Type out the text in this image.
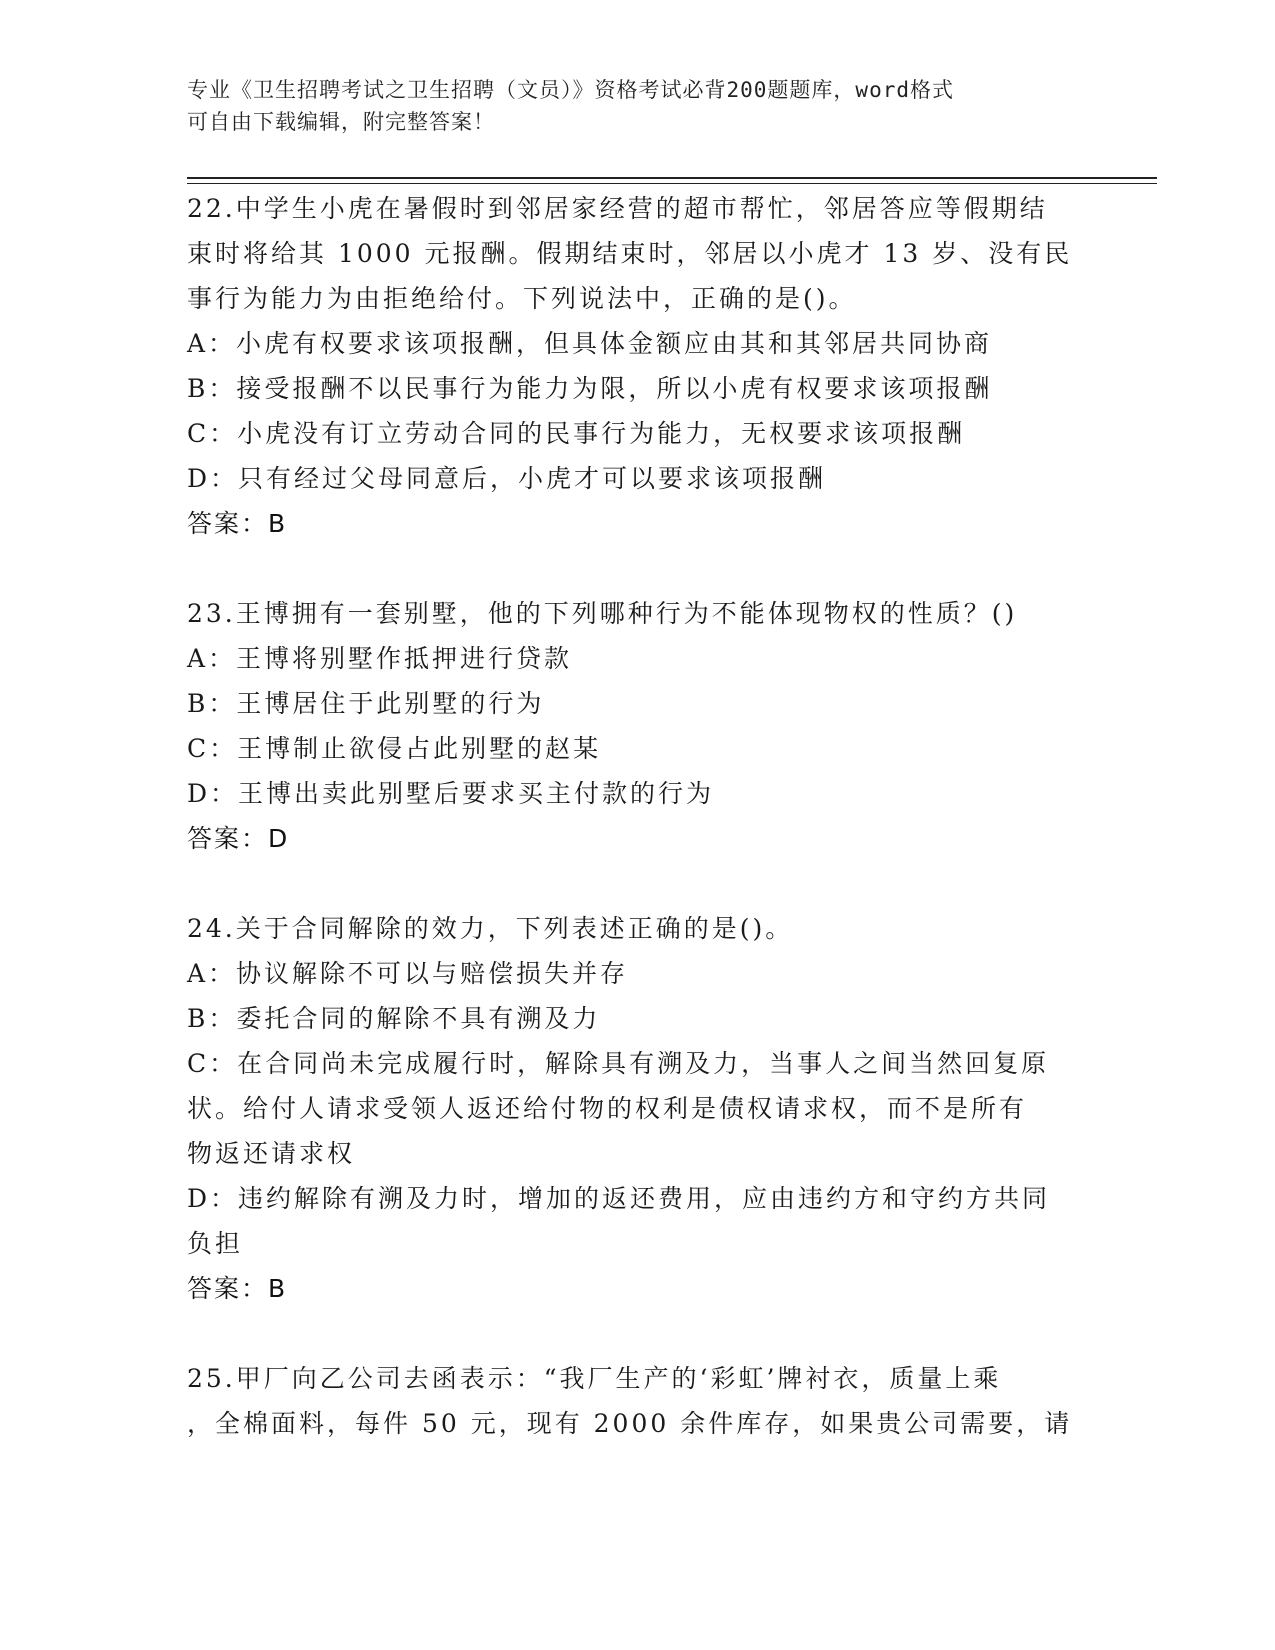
专业《卫生招聘考试之卫生招聘（文员）》资格考试必背200题题库，word格式
可自由下载编辑，附完整答案！
22.中学生小虎在暑假时到邻居家经营的超市帮忙，邻居答应等假期结
束时将给其 1000 元报酬。假期结束时，邻居以小虎才 13 岁、没有民
事行为能力为由拒绝给付。下列说法中，正确的是()。
A：小虎有权要求该项报酬，但具体金额应由其和其邻居共同协商
B：接受报酬不以民事行为能力为限，所以小虎有权要求该项报酬
C：小虎没有订立劳动合同的民事行为能力，无权要求该项报酬
D：只有经过父母同意后，小虎才可以要求该项报酬
答案：B
23.王博拥有一套别墅，他的下列哪种行为不能体现物权的性质？()
A：王博将别墅作抵押进行贷款
B：王博居住于此别墅的行为
C：王博制止欲侵占此别墅的赵某
D：王博出卖此别墅后要求买主付款的行为
答案：D
24.关于合同解除的效力，下列表述正确的是()。
A：协议解除不可以与赔偿损失并存
B：委托合同的解除不具有溯及力
C：在合同尚未完成履行时，解除具有溯及力，当事人之间当然回复原
状。给付人请求受领人返还给付物的权利是债权请求权，而不是所有
物返还请求权
D：违约解除有溯及力时，增加的返还费用，应由违约方和守约方共同
负担
答案：B
25.甲厂向乙公司去函表示：“我厂生产的‘彩虹’牌衬衣，质量上乘
，全棉面料，每件 50 元，现有 2000 余件库存，如果贵公司需要，请
